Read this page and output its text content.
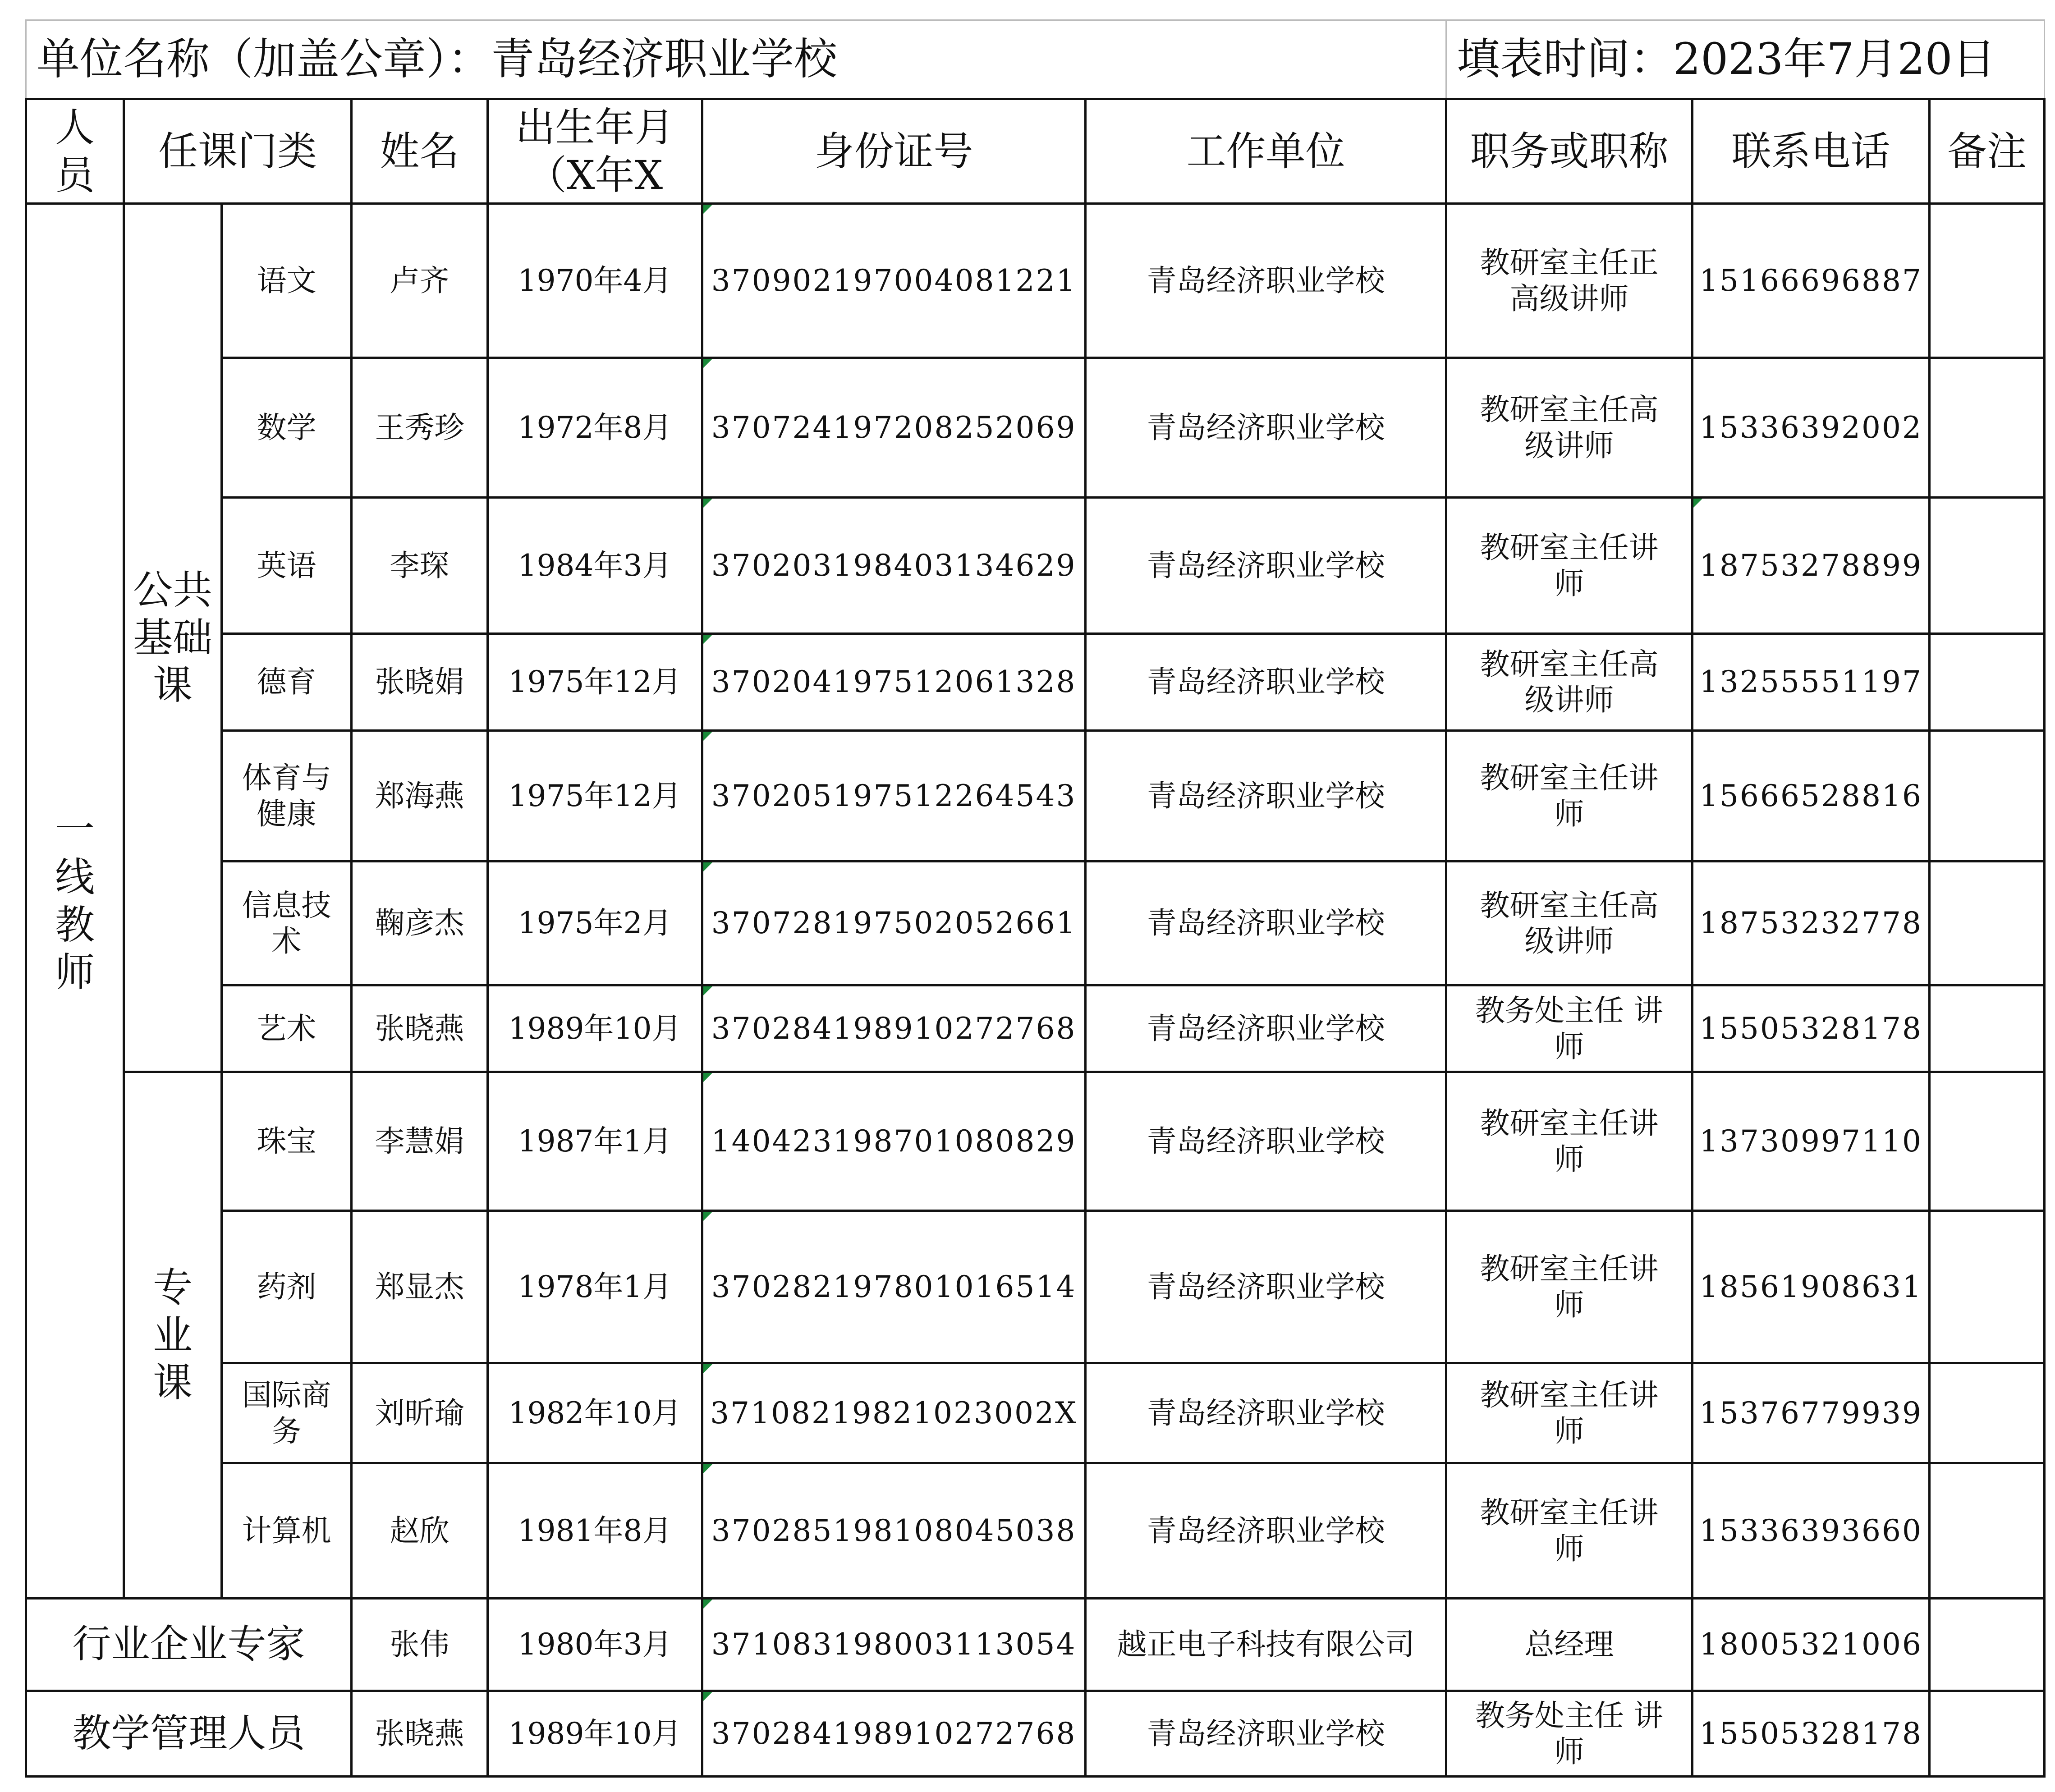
单位名称（加盖公章）：青岛经济职业学校							填表时间：2023年7月20日		
人员	任课门类		姓名	出生年月（X年X	身份证号	工作单位	职务或职称	联系电话	备注
一线教师	公共基础课	语文	卢齐	1970年4月	370902197004081221	青岛经济职业学校	教研室主任正高级讲师	15166696887	
		数学	王秀珍	1972年8月	370724197208252069	青岛经济职业学校	教研室主任高级讲师	15336392002	
		英语	李琛	1984年3月	370203198403134629	青岛经济职业学校	教研室主任讲师	18753278899	
		德育	张晓娟	1975年12月	370204197512061328	青岛经济职业学校	教研室主任高级讲师	13255551197	
		体育与健康	郑海燕	1975年12月	370205197512264543	青岛经济职业学校	教研室主任讲师	15666528816	
		信息技术	鞠彦杰	1975年2月	370728197502052661	青岛经济职业学校	教研室主任高级讲师	18753232778	
		艺术	张晓燕	1989年10月	370284198910272768	青岛经济职业学校	教务处主任 讲师	15505328178	
	专业课	珠宝	李慧娟	1987年1月	140423198701080829	青岛经济职业学校	教研室主任讲师	13730997110	
		药剂	郑显杰	1978年1月	370282197801016514	青岛经济职业学校	教研室主任讲师	18561908631	
		国际商务	刘昕瑜	1982年10月	37108219821023002X	青岛经济职业学校	教研室主任讲师	15376779939	
		计算机	赵欣	1981年8月	370285198108045038	青岛经济职业学校	教研室主任讲师	15336393660	
行业企业专家			张伟	1980年3月	371083198003113054	越正电子科技有限公司	总经理	18005321006	
教学管理人员			张晓燕	1989年10月	370284198910272768	青岛经济职业学校	教务处主任 讲师	15505328178	
